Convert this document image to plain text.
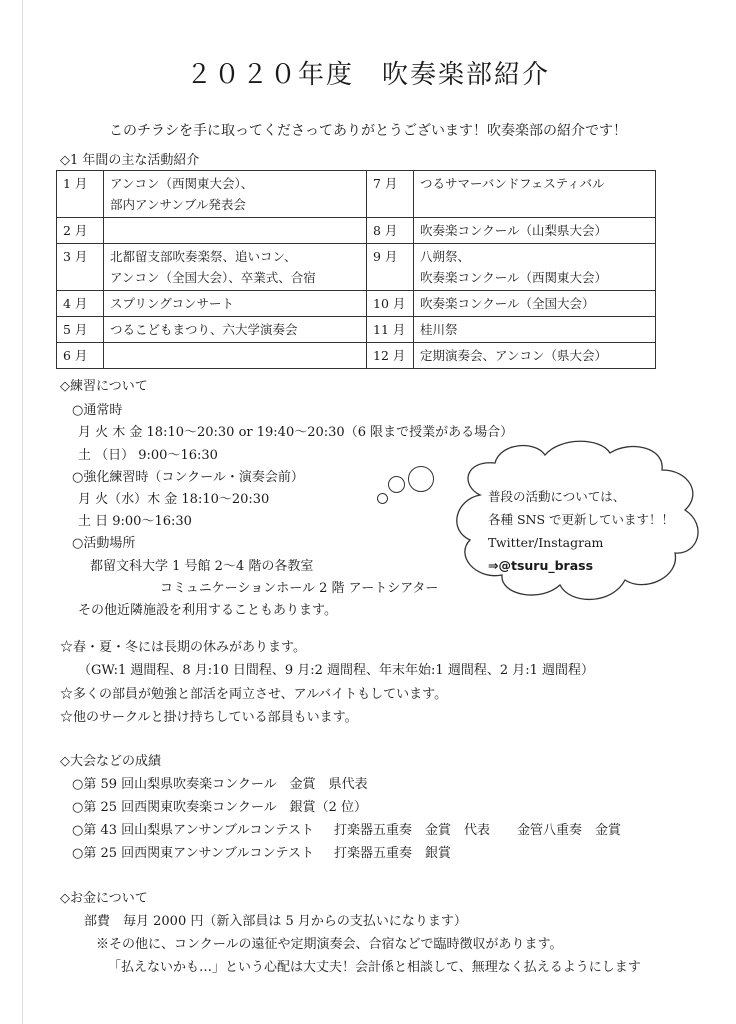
２０２０年度　吹奏楽部紹介
このチラシを手に取ってくださってありがとうございます！吹奏楽部の紹介です！
◇1 年間の主な活動紹介
1 月	アンコン（西関東大会）、
部内アンサンブル発表会	7 月	つるサマーバンドフェスティバル
2 月		8 月	吹奏楽コンクール（山梨県大会）
3 月	北都留支部吹奏楽祭、追いコン、
アンコン（全国大会）、卒業式、合宿	9 月	八朔祭、
吹奏楽コンクール（西関東大会）
4 月	スプリングコンサート	10 月	吹奏楽コンクール（全国大会）
5 月	つるこどもまつり、六大学演奏会	11 月	桂川祭
6 月		12 月	定期演奏会、アンコン（県大会）
◇練習について
○通常時
月 火 木 金 18:10～20:30 or 19:40～20:30（6 限まで授業がある場合）
土 （日） 9:00～16:30
○強化練習時（コンクール・演奏会前）
月 火（水）木 金 18:10～20:30
土 日 9:00～16:30
○活動場所
都留文科大学 1 号館 2～4 階の各教室
コミュニケーションホール 2 階 アートシアター
その他近隣施設を利用することもあります。
普段の活動については、
各種 SNS で更新しています！！
Twitter/Instagram
⇒@tsuru_brass
☆春・夏・冬には長期の休みがあります。
（GW:1 週間程、8 月:10 日間程、9 月:2 週間程、年末年始:1 週間程、2 月:1 週間程）
☆多くの部員が勉強と部活を両立させ、アルバイトもしています。
☆他のサークルと掛け持ちしている部員もいます。
◇大会などの成績
○第 59 回山梨県吹奏楽コンクール　金賞　県代表
○第 25 回西関東吹奏楽コンクール　銀賞（2 位）
○第 43 回山梨県アンサンブルコンテスト 打楽器五重奏　金賞　代表 金管八重奏　金賞
○第 25 回西関東アンサンブルコンテスト 打楽器五重奏　銀賞
◇お金について
部費　毎月 2000 円（新入部員は 5 月からの支払いになります）
※その他に、コンクールの遠征や定期演奏会、合宿などで臨時徴収があります。
「払えないかも…」という心配は大丈夫！会計係と相談して、無理なく払えるようにします
